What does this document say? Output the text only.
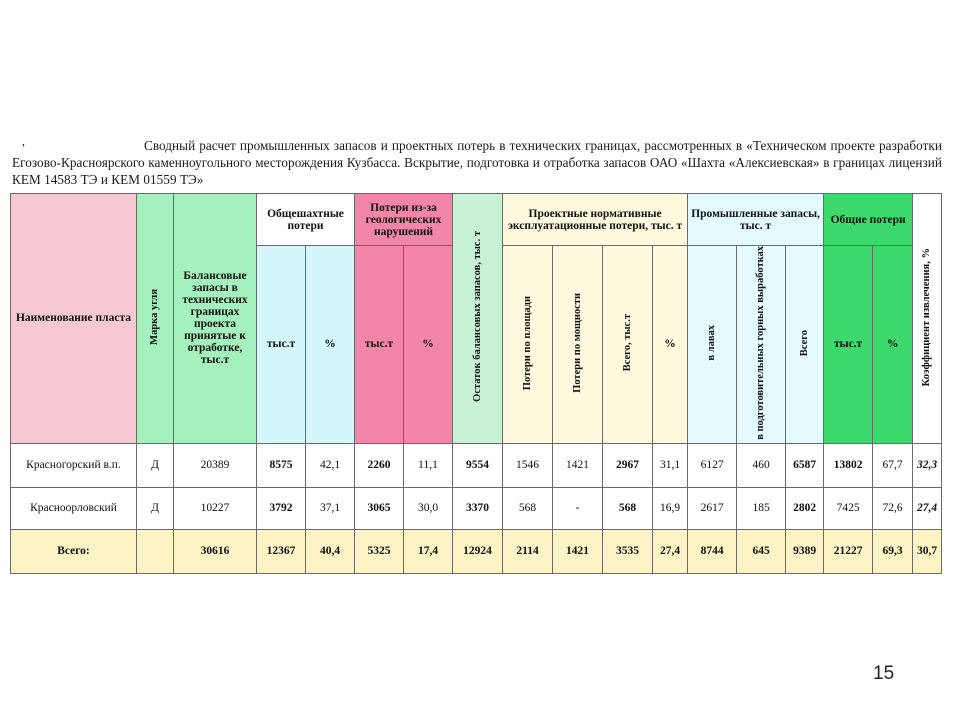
,	Сводный расчет промышленных запасов и проектных потерь в технических границах, рассмотренных в «Техническом проекте разработки Егозово-Красноярского каменноугольного месторождения Кузбасса. Вскрытие, подготовка и отработка запасов ОАО «Шахта «Алексиевская» в границах лицензий КЕМ 14583 ТЭ и КЕМ 01559 ТЭ»
Наименование пласта	Марка угля	Балансовые запасы в технических границах проекта принятые к отработке, тыс.т	Общешахтные потери		Потери из-за геологических нарушений		Остаток балансовых запасов, тыс. т	Проектные нормативные эксплуатационные потери, тыс. т				Промышленные запасы, тыс. т			Общие потери		Коэффициент извлечения, %
			тыс.т	%	тыс.т	%		Потери по площади	Потери по мощности	Всего, тыс.т	%	в лавах	в подготовительных горных выработках	Всего	тыс.т	%	
Красногорский в.п.	Д	20389	8575	42,1	2260	11,1	9554	1546	1421	2967	31,1	6127	460	6587	13802	67,7	32,3
Красноорловский	Д	10227	3792	37,1	3065	30,0	3370	568	-	568	16,9	2617	185	2802	7425	72,6	27,4
Всего:		30616	12367	40,4	5325	17,4	12924	2114	1421	3535	27,4	8744	645	9389	21227	69,3	30,7
15
